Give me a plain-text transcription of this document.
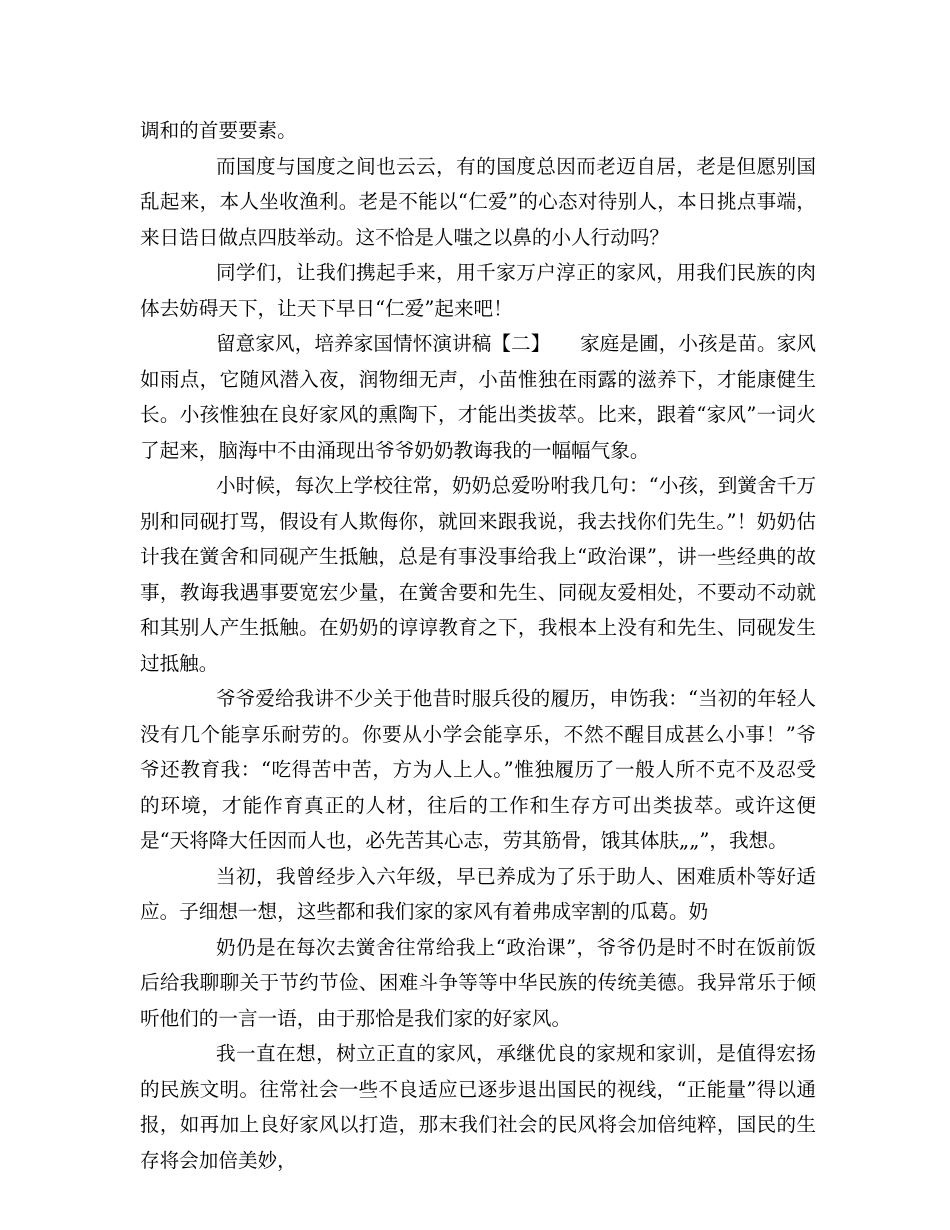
调和的首要要素。

而国度与国度之间也云云，有的国度总因而老迈自居，老是但愿别国乱起来，本人坐收渔利。老是不能以“仁爱”的心态对待别人，本日挑点事端，来日诰日做点四肢举动。这不恰是人嗤之以鼻的小人行动吗？

同学们，让我们携起手来，用千家万户淳正的家风，用我们民族的肉体去妨碍天下，让天下早日“仁爱”起来吧！

留意家风，培养家国情怀演讲稿【二】　　家庭是圃，小孩是苗。家风如雨点，它随风潜入夜，润物细无声，小苗惟独在雨露的滋养下，才能康健生长。小孩惟独在良好家风的熏陶下，才能出类拔萃。比来，跟着“家风”一词火了起来，脑海中不由涌现出爷爷奶奶教诲我的一幅幅气象。

小时候，每次上学校往常，奶奶总爱吩咐我几句：“小孩，到黉舍千万别和同砚打骂，假设有人欺侮你，就回来跟我说，我去找你们先生。”！奶奶估计我在黉舍和同砚产生抵触，总是有事没事给我上“政治课”，讲一些经典的故事，教诲我遇事要宽宏少量，在黉舍要和先生、同砚友爱相处，不要动不动就和其别人产生抵触。在奶奶的谆谆教育之下，我根本上没有和先生、同砚发生过抵触。

爷爷爱给我讲不少关于他昔时服兵役的履历，申饬我：“当初的年轻人没有几个能享乐耐劳的。你要从小学会能享乐，不然不醒目成甚么小事！”爷爷还教育我：“吃得苦中苦，方为人上人。”惟独履历了一般人所不克不及忍受的环境，才能作育真正的人材，往后的工作和生存方可出类拔萃。或许这便是“天将降大任因而人也，必先苦其心志，劳其筋骨，饿其体肤„„”，我想。

当初，我曾经步入六年级，早已养成为了乐于助人、困难质朴等好适应。子细想一想，这些都和我们家的家风有着弗成宰割的瓜葛。奶

奶仍是在每次去黉舍往常给我上“政治课”，爷爷仍是时不时在饭前饭后给我聊聊关于节约节俭、困难斗争等等中华民族的传统美德。我异常乐于倾听他们的一言一语，由于那恰是我们家的好家风。

我一直在想，树立正直的家风，承继优良的家规和家训，是值得宏扬的民族文明。往常社会一些不良适应已逐步退出国民的视线，“正能量”得以通报，如再加上良好家风以打造，那末我们社会的民风将会加倍纯粹，国民的生存将会加倍美妙，
